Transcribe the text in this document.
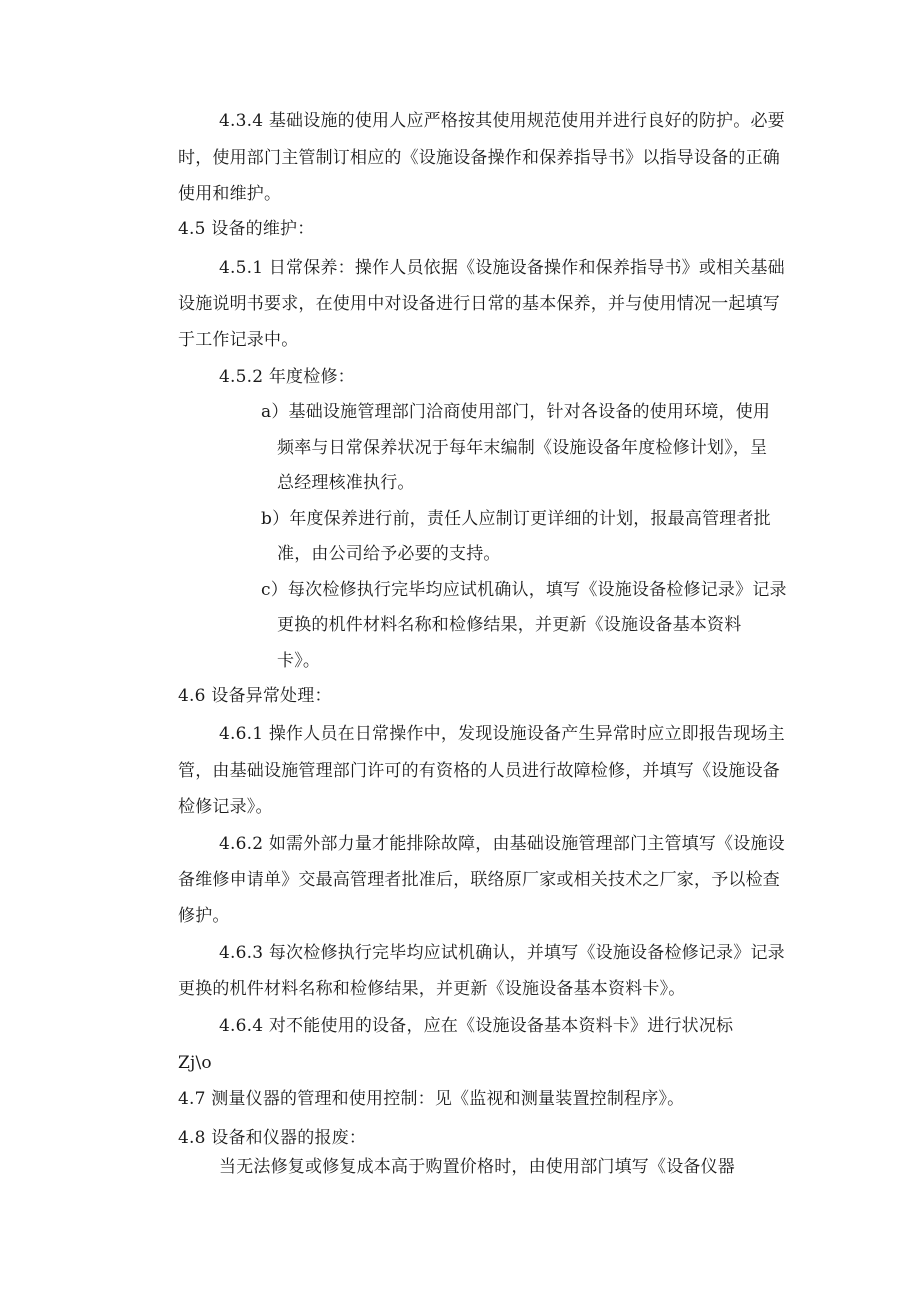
4.3.4 基础设施的使用人应严格按其使用规范使用并进行良好的防护。必要
时，使用部门主管制订相应的《设施设备操作和保养指导书》以指导设备的正确
使用和维护。
4.5 设备的维护：
4.5.1 日常保养：操作人员依据《设施设备操作和保养指导书》或相关基础
设施说明书要求，在使用中对设备进行日常的基本保养，并与使用情况一起填写
于工作记录中。
4.5.2 年度检修：
a）基础设施管理部门洽商使用部门，针对各设备的使用环境，使用
频率与日常保养状况于每年末编制《设施设备年度检修计划》，呈
总经理核准执行。
b）年度保养进行前，责任人应制订更详细的计划，报最高管理者批
准，由公司给予必要的支持。
c）每次检修执行完毕均应试机确认，填写《设施设备检修记录》记录
更换的机件材料名称和检修结果，并更新《设施设备基本资料
卡》。
4.6 设备异常处理：
4.6.1 操作人员在日常操作中，发现设施设备产生异常时应立即报告现场主
管，由基础设施管理部门许可的有资格的人员进行故障检修，并填写《设施设备
检修记录》。
4.6.2 如需外部力量才能排除故障，由基础设施管理部门主管填写《设施设
备维修申请单》交最高管理者批准后，联络原厂家或相关技术之厂家，予以检查
修护。
4.6.3 每次检修执行完毕均应试机确认，并填写《设施设备检修记录》记录
更换的机件材料名称和检修结果，并更新《设施设备基本资料卡》。
4.6.4 对不能使用的设备，应在《设施设备基本资料卡》进行状况标
Zj\o
4.7 测量仪器的管理和使用控制：见《监视和测量装置控制程序》。
4.8 设备和仪器的报废：
当无法修复或修复成本高于购置价格时，由使用部门填写《设备仪器
